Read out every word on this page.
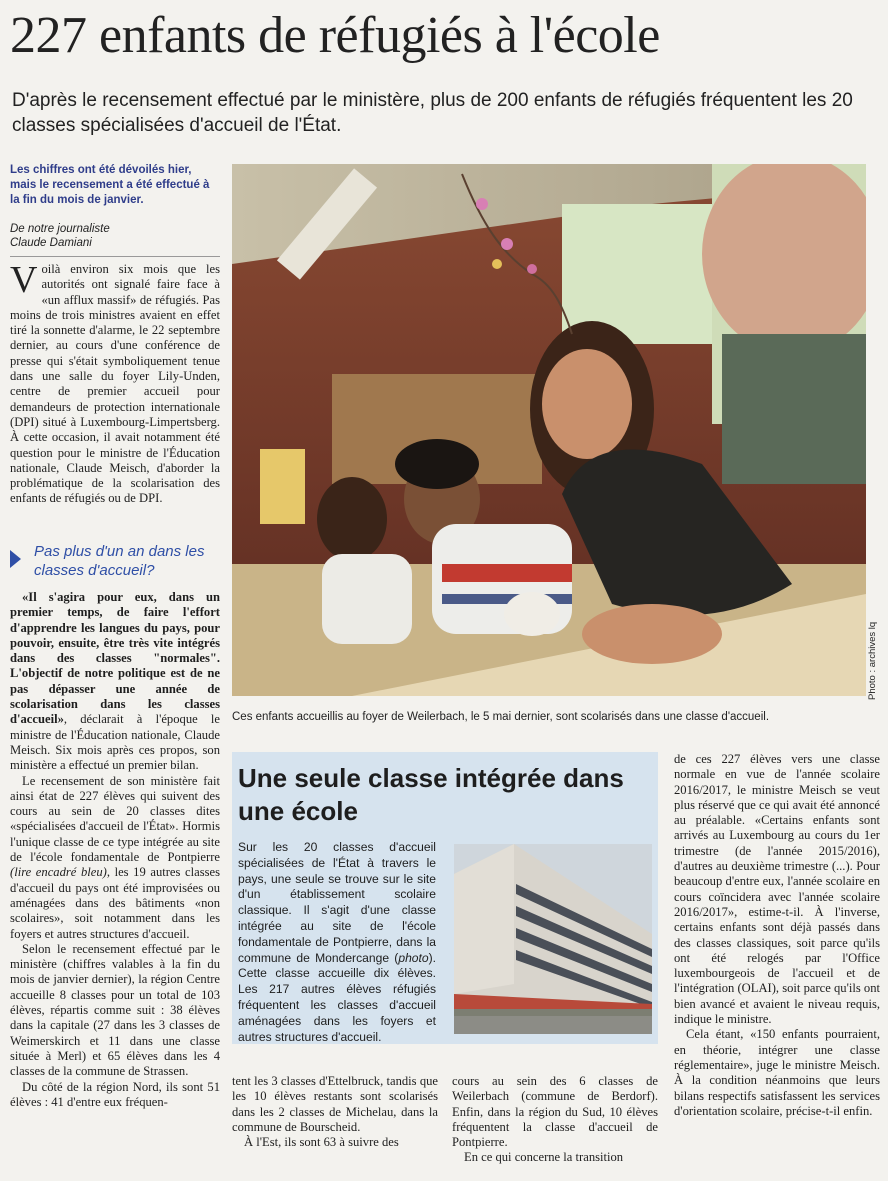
227 enfants de réfugiés à l'école
D'après le recensement effectué par le ministère, plus de 200 enfants de réfugiés fréquentent les 20 classes spécialisées d'accueil de l'État.
Les chiffres ont été dévoilés hier, mais le recensement a été effectué à la fin du mois de janvier.
De notre journaliste
Claude Damiani

Voilà environ six mois que les autorités ont signalé faire face à «un afflux massif» de réfugiés. Pas moins de trois ministres avaient en effet tiré la sonnette d'alarme, le 22 septembre dernier, au cours d'une conférence de presse qui s'était symboliquement tenue dans une salle du foyer Lily-Unden, centre de premier accueil pour demandeurs de protection internationale (DPI) situé à Luxembourg-Limpertsberg. À cette occasion, il avait notamment été question pour le ministre de l'Éducation nationale, Claude Meisch, d'aborder la problématique de la scolarisation des enfants de réfugiés ou de DPI.

Pas plus d'un an dans les classes d'accueil?

«Il s'agira pour eux, dans un premier temps, de faire l'effort d'apprendre les langues du pays, pour pouvoir, ensuite, être très vite intégrés dans des classes "normales". L'objectif de notre politique est de ne pas dépasser une année de scolarisation dans les classes d'accueil», déclarait à l'époque le ministre de l'Éducation nationale, Claude Meisch. Six mois après ces propos, son ministère a effectué un premier bilan.

Le recensement de son ministère fait ainsi état de 227 élèves qui suivent des cours au sein de 20 classes dites «spécialisées d'accueil de l'État». Hormis l'unique classe de ce type intégrée au site de l'école fondamentale de Pontpierre (lire encadré bleu), les 19 autres classes d'accueil du pays ont été improvisées ou aménagées dans des bâtiments «non scolaires», soit notamment dans les foyers et autres structures d'accueil.

Selon le recensement effectué par le ministère (chiffres valables à la fin du mois de janvier dernier), la région Centre accueille 8 classes pour un total de 103 élèves, répartis comme suit : 38 élèves dans la capitale (27 dans les 3 classes de Weimerskirch et 11 dans une classe située à Merl) et 65 élèves dans les 4 classes de la commune de Strassen.

Du côté de la région Nord, ils sont 51 élèves : 41 d'entre eux fréquen-

Photo : archives lq
Ces enfants accueillis au foyer de Weilerbach, le 5 mai dernier, sont scolarisés dans une classe d'accueil.
Une seule classe intégrée dans une école
Sur les 20 classes d'accueil spécialisées de l'État à travers le pays, une seule se trouve sur le site d'un établissement scolaire classique. Il s'agit d'une classe intégrée au site de l'école fondamentale de Pontpierre, dans la commune de Mondercange (photo). Cette classe accueille dix élèves. Les 217 autres élèves réfugiés fréquentent les classes d'accueil aménagées dans les foyers et autres structures d'accueil.

tent les 3 classes d'Ettelbruck, tandis que les 10 élèves restants sont scolarisés dans les 2 classes de Michelau, dans la commune de Bourscheid.

À l'Est, ils sont 63 à suivre des

cours au sein des 6 classes de Weilerbach (commune de Berdorf). Enfin, dans la région du Sud, 10 élèves fréquentent la classe d'accueil de Pontpierre.

En ce qui concerne la transition

de ces 227 élèves vers une classe normale en vue de l'année scolaire 2016/2017, le ministre Meisch se veut plus réservé que ce qui avait été annoncé au préalable. «Certains enfants sont arrivés au Luxembourg au cours du 1er trimestre (de l'année 2015/2016), d'autres au deuxième trimestre (...). Pour beaucoup d'entre eux, l'année scolaire en cours coïncidera avec l'année scolaire 2016/2017», estime-t-il. À l'inverse, certains enfants sont déjà passés dans des classes classiques, soit parce qu'ils ont été relogés par l'Office luxembourgeois de l'accueil et de l'intégration (OLAI), soit parce qu'ils ont bien avancé et avaient le niveau requis, indique le ministre.

Cela étant, «150 enfants pourraient, en théorie, intégrer une classe réglementaire», juge le ministre Meisch. À la condition néanmoins que leurs bilans respectifs satisfassent les services d'orientation scolaire, précise-t-il enfin.
